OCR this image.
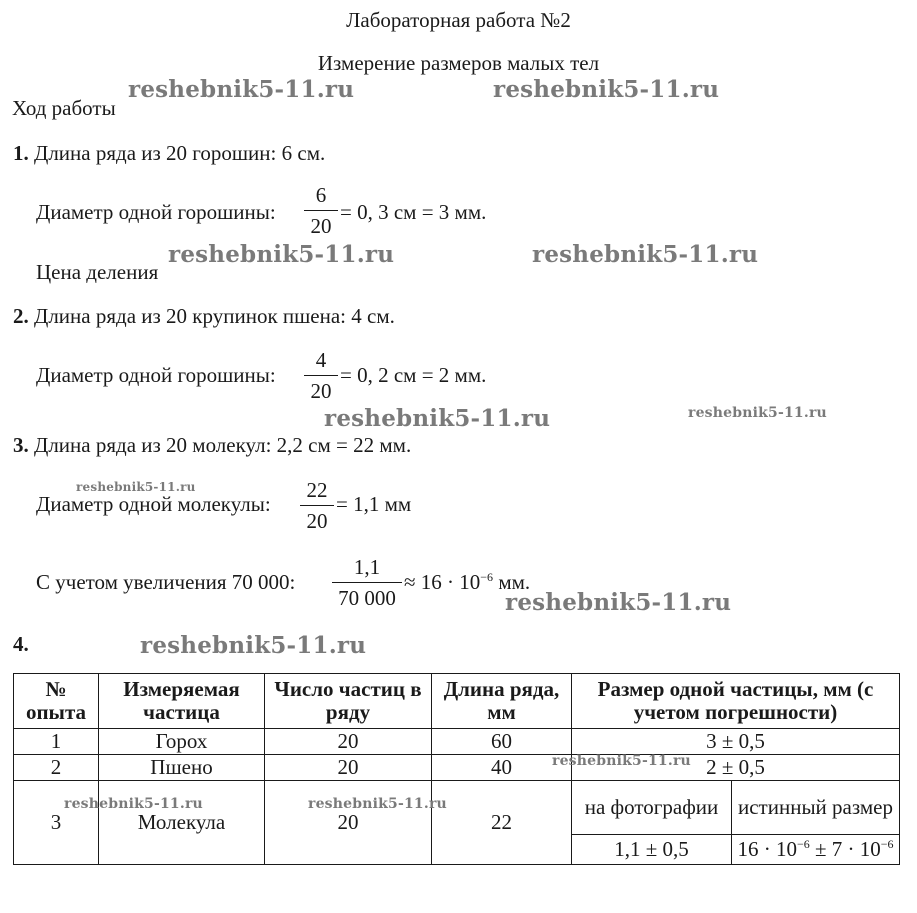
Лабораторная работа №2
Измерение размеров малых тел
Ход работы
1. Длина ряда из 20 горошин: 6 см.
Диаметр одной горошины:
6
20
= 0, 3 см = 3 мм.
Цена деления
2. Длина ряда из 20 крупинок пшена: 4 см.
Диаметр одной горошины:
4
20
= 0, 2 см = 2 мм.
3. Длина ряда из 20 молекул: 2,2 см = 22 мм.
Диаметр одной молекулы:
22
20
= 1,1 мм
С учетом увеличения 70 000:
1,1
70 000
≈ $16 \cdot 10^{-6}$ мм.
4.
№ опыта	Измеряемая частица	Число частиц в ряду	Длина ряда, мм	Размер одной частицы, мм (с учетом погрешности)	
1	Горох	20	60	3 ± 0,5	
2	Пшено	20	40	2 ± 0,5	
3	Молекула	20	22	на фотографии	истинный размер
				1,1 ± 0,5	$16 \cdot 10^{-6} \pm 7 \cdot 10^{-6}$
reshebnik5-11.ru	reshebnik5-11.ru
reshebnik5-11.ru	reshebnik5-11.ru
reshebnik5-11.ru	reshebnik5-11.ru
reshebnik5-11.ru
reshebnik5-11.ru
reshebnik5-11.ru
reshebnik5-11.ru
reshebnik5-11.ru	reshebnik5-11.ru
